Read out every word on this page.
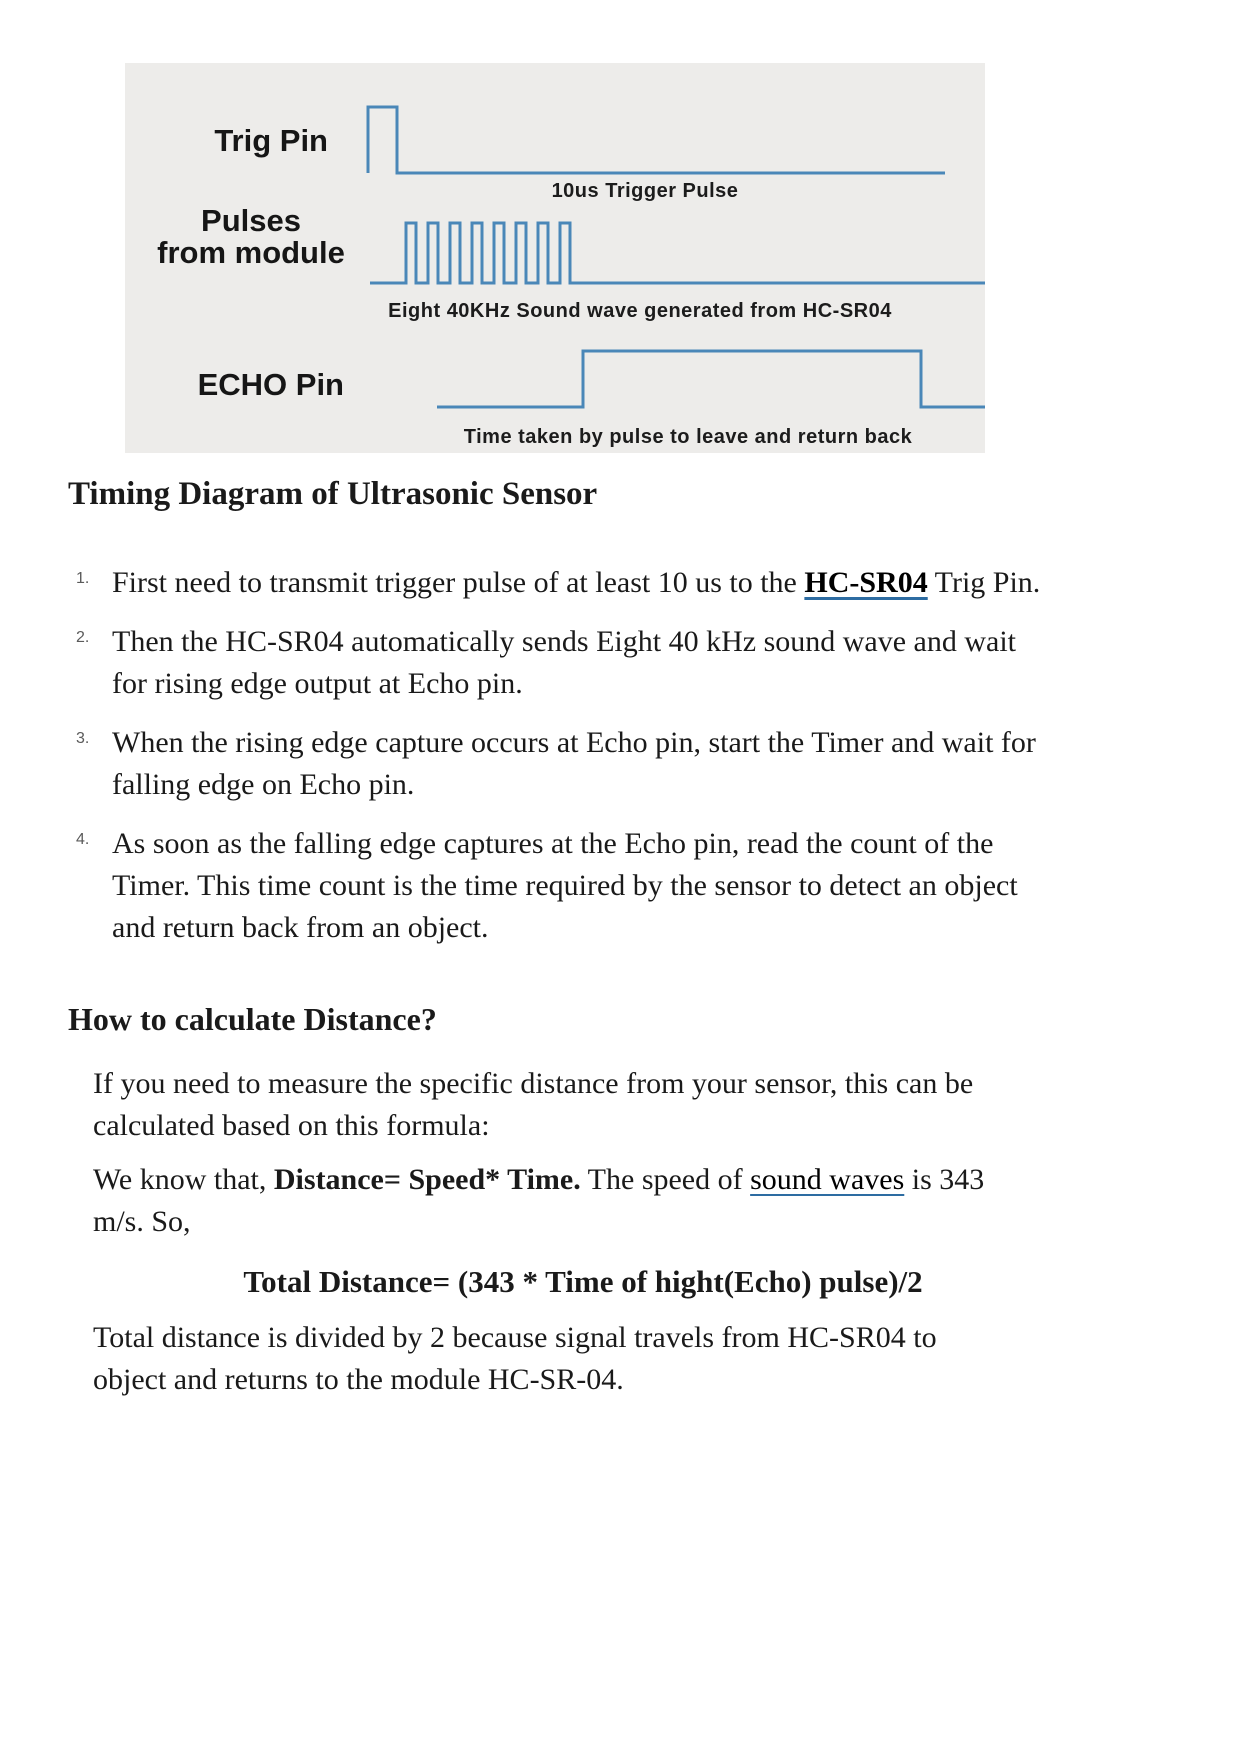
Trig Pin
10us Trigger Pulse
Pulses
from module
Eight 40KHz Sound wave generated from HC-SR04
ECHO Pin
Time taken by pulse to leave and return back
Timing Diagram of Ultrasonic Sensor
1. First need to transmit trigger pulse of at least 10 us to the HC-SR04 Trig Pin.
2. Then the HC-SR04 automatically sends Eight 40 kHz sound wave and wait for rising edge output at Echo pin.
3. When the rising edge capture occurs at Echo pin, start the Timer and wait for falling edge on Echo pin.
4. As soon as the falling edge captures at the Echo pin, read the count of the Timer. This time count is the time required by the sensor to detect an object and return back from an object.
How to calculate Distance?

If you need to measure the specific distance from your sensor, this can be calculated based on this formula:

We know that, Distance= Speed* Time. The speed of sound waves is 343 m/s. So,

Total Distance= (343 * Time of hight(Echo) pulse)/2

Total distance is divided by 2 because signal travels from HC-SR04 to object and returns to the module HC-SR-04.
